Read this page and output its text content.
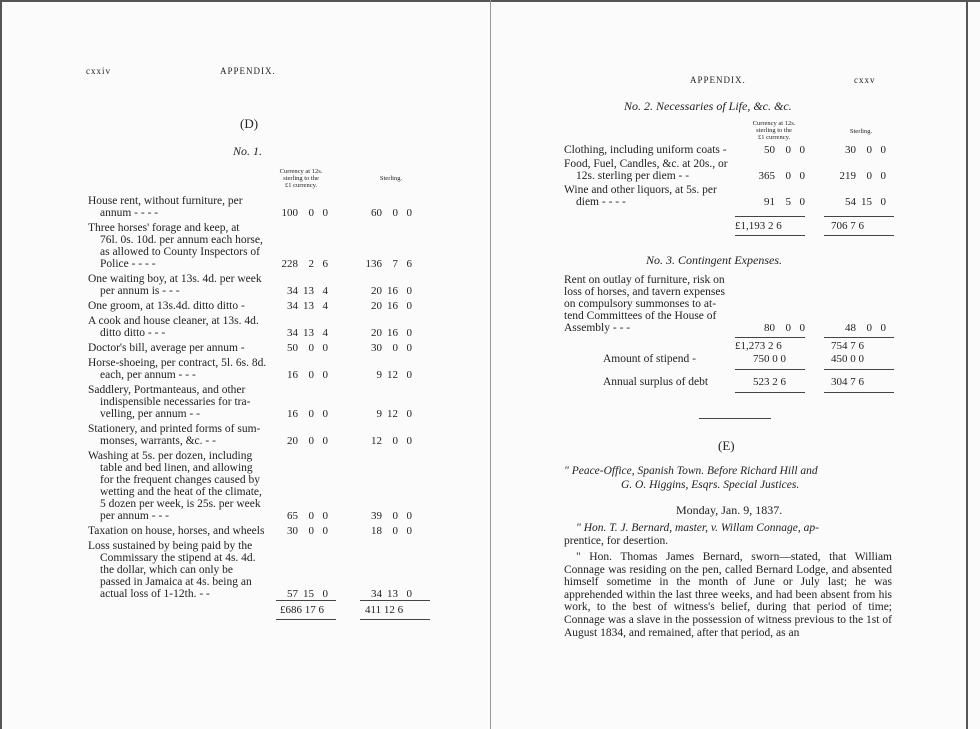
cxxiv	APPENDIX.
(D)
No. 1.
Currency at 12s.
sterling to the
£1 currency.
Sterling.
House rent, without furniture, per
annum - - - -	100 0 0	60 0 0
Three horses' forage and keep, at
76l. 0s. 10d. per annum each horse,
as allowed to County Inspectors of
Police - - - -	228 2 6	136 7 6
One waiting boy, at 13s. 4d. per week
per annum is - - -	34 13 4	20 16 0
One groom, at 13s.4d. ditto ditto -	34 13 4	20 16 0
A cook and house cleaner, at 13s. 4d.
ditto ditto - - -	34 13 4	20 16 0
Doctor's bill, average per annum -	50 0 0	30 0 0
Horse-shoeing, per contract, 5l. 6s. 8d.
each, per annum - - -	16 0 0	9 12 0
Saddlery, Portmanteaus, and other
indispensible necessaries for tra-
velling, per annum - -	16 0 0	9 12 0
Stationery, and printed forms of sum-
monses, warrants, &c. - -	20 0 0	12 0 0
Washing at 5s. per dozen, including
table and bed linen, and allowing
for the frequent changes caused by
wetting and the heat of the climate,
5 dozen per week, is 25s. per week
per annum - - -	65 0 0	39 0 0
Taxation on house, horses, and wheels	30 0 0	18 0 0
Loss sustained by being paid by the
Commissary the stipend at 4s. 4d.
the dollar, which can only be
passed in Jamaica at 4s. being an
actual loss of 1-12th. - -	57 15 0	34 13 0
£686 17 6	411 12 6
APPENDIX.	cxxv
No. 2. Necessaries of Life, &c. &c.
Currency at 12s.
sterling to the
£1 currency.
Sterling.
Clothing, including uniform coats -	50 0 0	30 0 0
Food, Fuel, Candles, &c. at 20s., or
12s. sterling per diem - -	365 0 0	219 0 0
Wine and other liquors, at 5s. per
diem - - - -	91 5 0	54 15 0
£1,193 2 6	706 7 6
No. 3. Contingent Expenses.
Rent on outlay of furniture, risk on
loss of horses, and tavern expenses
on compulsory summonses to at-
tend Committees of the House of
Assembly - - -	80 0 0	48 0 0
£1,273 2 6	754 7 6
Amount of stipend -	750 0 0	450 0 0
Annual surplus of debt	523 2 6	304 7 6
(E)
" Peace-Office, Spanish Town. Before Richard Hill and
G. O. Higgins, Esqrs. Special Justices.
Monday, Jan. 9, 1837.
" Hon. T. J. Bernard, master, v. Willam Connage, ap-
prentice, for desertion.
" Hon. Thomas James Bernard, sworn—stated, that William Connage was residing on the pen, called Bernard Lodge, and absented himself sometime in the month of June or July last; he was apprehended within the last three weeks, and had been absent from his work, to the best of witness's belief, during that period of time; Connage was a slave in the possession of witness previous to the 1st of August 1834, and remained, after that period, as an
